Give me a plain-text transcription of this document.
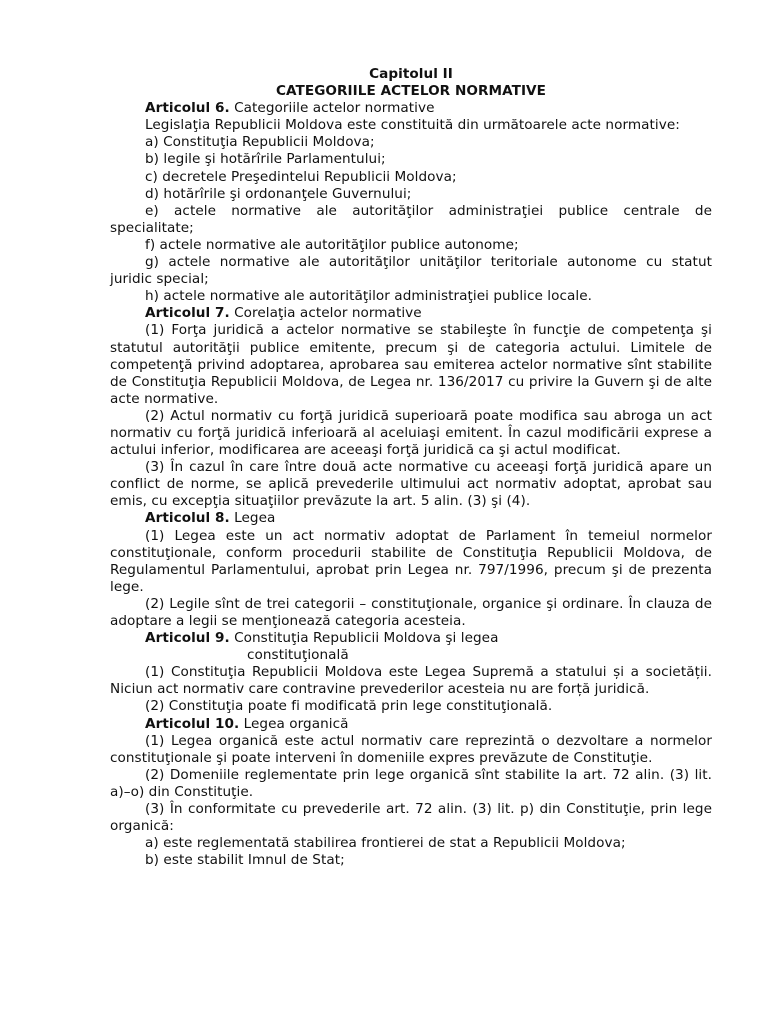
Capitolul II
CATEGORIILE ACTELOR NORMATIVE
Articolul 6. Categoriile actelor normative
Legislaţia Republicii Moldova este constituită din următoarele acte normative:
a) Constituţia Republicii Moldova;
b) legile şi hotărîrile Parlamentului;
c) decretele Preşedintelui Republicii Moldova;
d) hotărîrile şi ordonanţele Guvernului;
e) actele normative ale autorităţilor administraţiei publice centrale de specialitate;
f) actele normative ale autorităţilor publice autonome;
g) actele normative ale autorităţilor unităţilor teritoriale autonome cu statut juridic special;
h) actele normative ale autorităţilor administraţiei publice locale.
Articolul 7. Corelaţia actelor normative
(1) Forţa juridică a actelor normative se stabileşte în funcţie de competenţa şi statutul autorităţii publice emitente, precum şi de categoria actului. Limitele de competenţă privind adoptarea, aprobarea sau emiterea actelor normative sînt stabilite de Constituţia Republicii Moldova, de Legea nr. 136/2017 cu privire la Guvern şi de alte acte normative.
(2) Actul normativ cu forţă juridică superioară poate modifica sau abroga un act normativ cu forţă juridică inferioară al aceluiaşi emitent. În cazul modificării exprese a actului inferior, modificarea are aceeaşi forţă juridică ca şi actul modificat.
(3) În cazul în care între două acte normative cu aceeaşi forţă juridică apare un conflict de norme, se aplică prevederile ultimului act normativ adoptat, aprobat sau emis, cu excepţia situaţiilor prevăzute la art. 5 alin. (3) şi (4).
Articolul 8. Legea
(1) Legea este un act normativ adoptat de Parlament în temeiul normelor constituţionale, conform procedurii stabilite de Constituţia Republicii Moldova, de Regulamentul Parlamentului, aprobat prin Legea nr. 797/1996, precum şi de prezenta lege.
(2) Legile sînt de trei categorii – constituţionale, organice şi ordinare. În clauza de adoptare a legii se menţionează categoria acesteia.
Articolul 9. Constituţia Republicii Moldova şi legea
constituţională
(1) Constituţia Republicii Moldova este Legea Supremă a statului și a societății. Niciun act normativ care contravine prevederilor acesteia nu are forță juridică.
(2) Constituţia poate fi modificată prin lege constituţională.
Articolul 10. Legea organică
(1) Legea organică este actul normativ care reprezintă o dezvoltare a normelor constituţionale şi poate interveni în domeniile expres prevăzute de Constituţie.
(2) Domeniile reglementate prin lege organică sînt stabilite la art. 72 alin. (3) lit. a)–o) din Constituţie.
(3) În conformitate cu prevederile art. 72 alin. (3) lit. p) din Constituţie, prin lege organică:
a) este reglementată stabilirea frontierei de stat a Republicii Moldova;
b) este stabilit Imnul de Stat;
